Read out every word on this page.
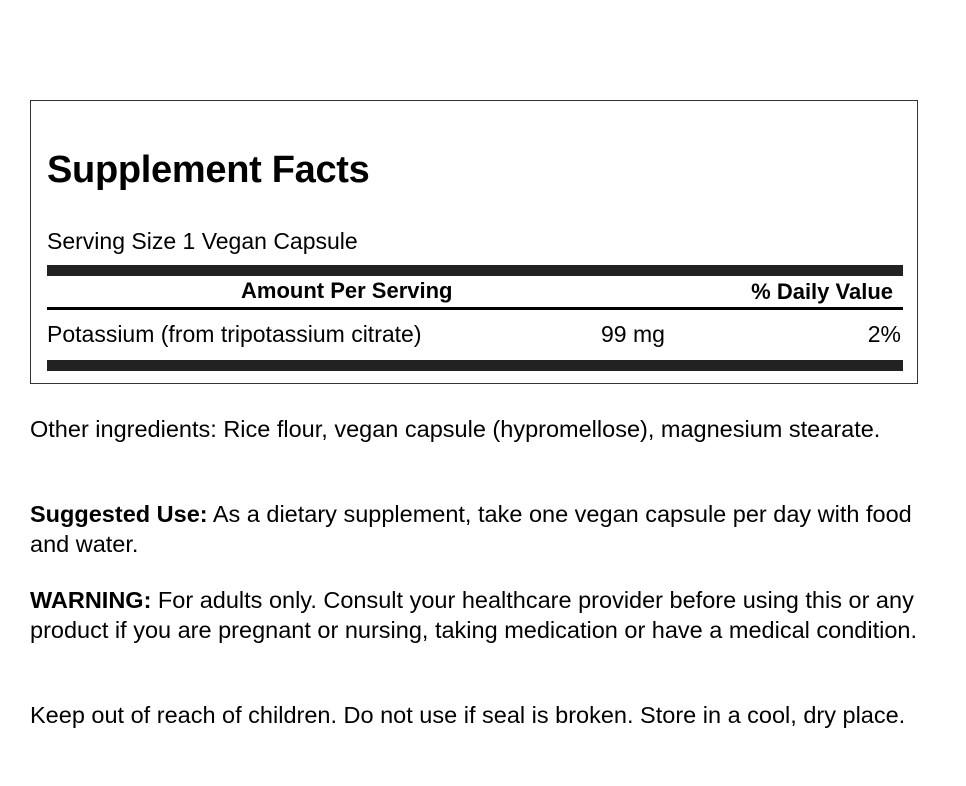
Supplement Facts
Serving Size 1 Vegan Capsule
Amount Per Serving	% Daily Value
Potassium (from tripotassium citrate)	99 mg	2%

Other ingredients: Rice flour, vegan capsule (hypromellose), magnesium stearate.

Suggested Use: As a dietary supplement, take one vegan capsule per day with food and water.

WARNING: For adults only. Consult your healthcare provider before using this or any product if you are pregnant or nursing, taking medication or have a medical condition.

Keep out of reach of children. Do not use if seal is broken. Store in a cool, dry place.
